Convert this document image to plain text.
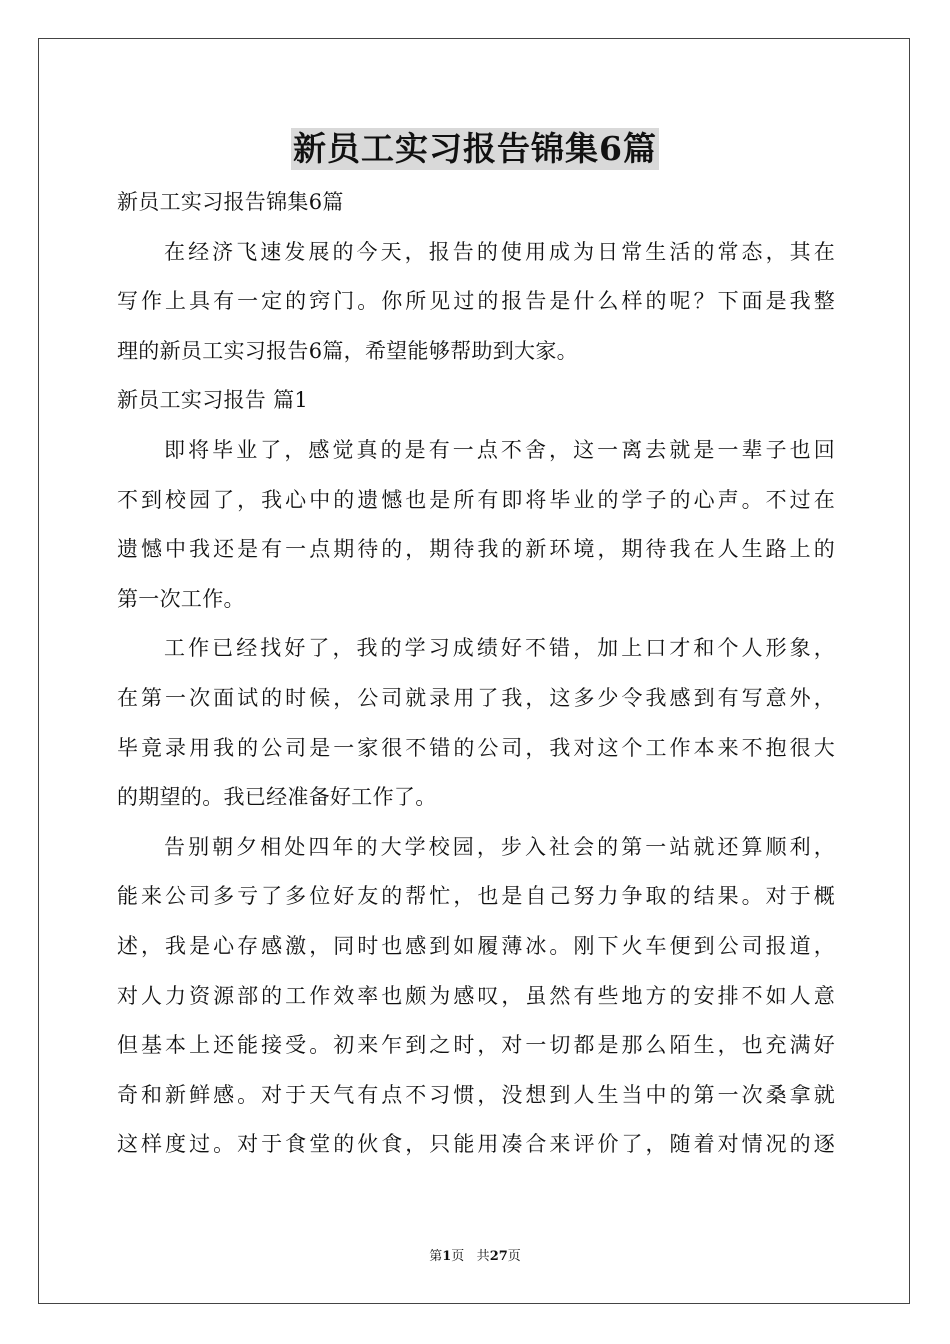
新员工实习报告锦集6篇
新员工实习报告锦集6篇
在经济飞速发展的今天，报告的使用成为日常生活的常态，其在
写作上具有一定的窍门。你所见过的报告是什么样的呢？下面是我整
理的新员工实习报告6篇，希望能够帮助到大家。
新员工实习报告 篇1
即将毕业了，感觉真的是有一点不舍，这一离去就是一辈子也回
不到校园了，我心中的遗憾也是所有即将毕业的学子的心声。不过在
遗憾中我还是有一点期待的，期待我的新环境，期待我在人生路上的
第一次工作。
工作已经找好了，我的学习成绩好不错，加上口才和个人形象，
在第一次面试的时候，公司就录用了我，这多少令我感到有写意外，
毕竟录用我的公司是一家很不错的公司，我对这个工作本来不抱很大
的期望的。我已经准备好工作了。
告别朝夕相处四年的大学校园，步入社会的第一站就还算顺利，
能来公司多亏了多位好友的帮忙，也是自己努力争取的结果。对于概
述，我是心存感激，同时也感到如履薄冰。刚下火车便到公司报道，
对人力资源部的工作效率也颇为感叹，虽然有些地方的安排不如人意
但基本上还能接受。初来乍到之时，对一切都是那么陌生，也充满好
奇和新鲜感。对于天气有点不习惯，没想到人生当中的第一次桑拿就
这样度过。对于食堂的伙食，只能用凑合来评价了，随着对情况的逐
第1页 共27页
